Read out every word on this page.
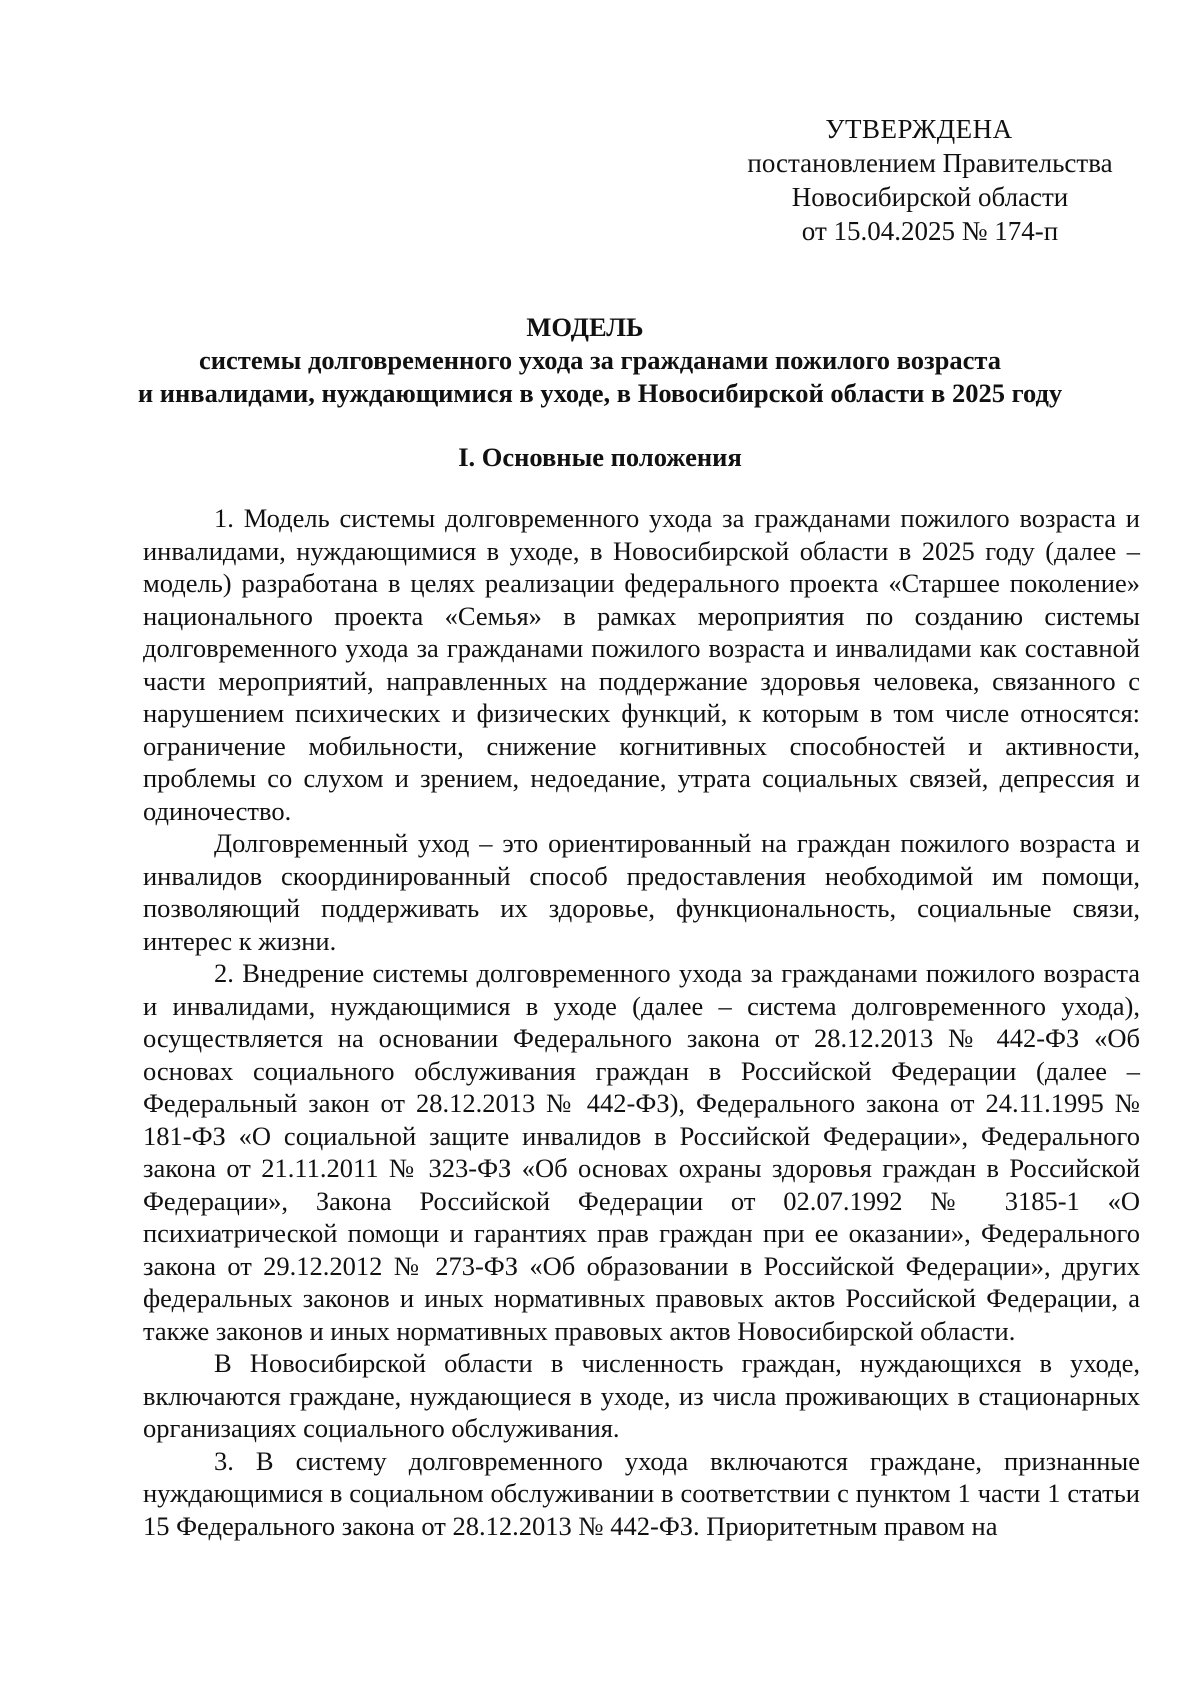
УТВЕРЖДЕНА
постановлением Правительства
Новосибирской области
от 15.04.2025 № 174-п
МОДЕЛЬ
системы долговременного ухода за гражданами пожилого возраста
и инвалидами, нуждающимися в уходе, в Новосибирской области в 2025 году
I. Основные положения

1. Модель системы долговременного ухода за гражданами пожилого возраста и инвалидами, нуждающимися в уходе, в Новосибирской области в 2025 году (далее – модель) разработана в целях реализации федерального проекта «Старшее поколение» национального проекта «Семья» в рамках мероприятия по созданию системы долговременного ухода за гражданами пожилого возраста и инвалидами как составной части мероприятий, направленных на поддержание здоровья человека, связанного с нарушением психических и физических функций, к которым в том числе относятся: ограничение мобильности, снижение когнитивных способностей и активности, проблемы со слухом и зрением, недоедание, утрата социальных связей, депрессия и одиночество.

Долговременный уход – это ориентированный на граждан пожилого возраста и инвалидов скоординированный способ предоставления необходимой им помощи, позволяющий поддерживать их здоровье, функциональность, социальные связи, интерес к жизни.

2. Внедрение системы долговременного ухода за гражданами пожилого возраста и инвалидами, нуждающимися в уходе (далее – система долговременного ухода), осуществляется на основании Федерального закона от 28.12.2013 № 442-ФЗ «Об основах социального обслуживания граждан в Российской Федерации (далее – Федеральный закон от 28.12.2013 № 442-ФЗ), Федерального закона от 24.11.1995 № 181-ФЗ «О социальной защите инвалидов в Российской Федерации», Федерального закона от 21.11.2011 № 323-ФЗ «Об основах охраны здоровья граждан в Российской Федерации», Закона Российской Федерации от 02.07.1992 № 3185-1 «О психиатрической помощи и гарантиях прав граждан при ее оказании», Федерального закона от 29.12.2012 № 273-ФЗ «Об образовании в Российской Федерации», других федеральных законов и иных нормативных правовых актов Российской Федерации, а также законов и иных нормативных правовых актов Новосибирской области.

В Новосибирской области в численность граждан, нуждающихся в уходе, включаются граждане, нуждающиеся в уходе, из числа проживающих в стационарных организациях социального обслуживания.

3. В систему долговременного ухода включаются граждане, признанные нуждающимися в социальном обслуживании в соответствии с пунктом 1 части 1 статьи 15 Федерального закона от 28.12.2013 № 442-ФЗ. Приоритетным правом на
